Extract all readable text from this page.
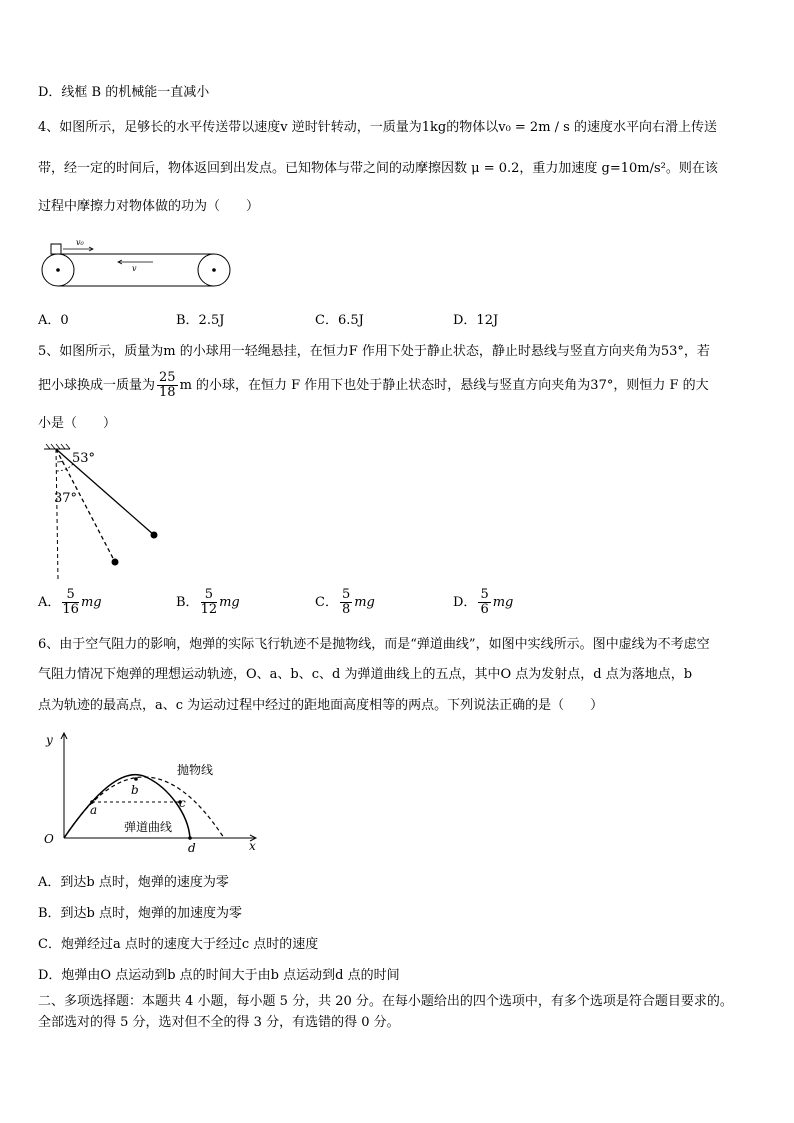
D．线框 B 的机械能一直减小
4、如图所示，足够长的水平传送带以速度v 逆时针转动，一质量为1kg的物体以v₀ = 2m / s 的速度水平向右滑上传送
带，经一定的时间后，物体返回到出发点。已知物体与带之间的动摩擦因数 μ = 0.2，重力加速度 g=10m/s²。则在该
过程中摩擦力对物体做的功为（　　）
v₀
v
A．0	B．2.5J	C．6.5J	D．12J
5、如图所示，质量为m 的小球用一轻绳悬挂，在恒力F 作用下处于静止状态，静止时悬线与竖直方向夹角为53°，若
把小球换成一质量为 $\frac{25}{18}$ m 的小球，在恒力 F 作用下也处于静止状态时，悬线与竖直方向夹角为37°，则恒力 F 的大
小是（　　）
53°
37°
A． $\frac{5}{16}$ mg	B． $\frac{5}{12}$ mg	C． $\frac{5}{8}$ mg	D． $\frac{5}{6}$ mg
6、由于空气阻力的影响，炮弹的实际飞行轨迹不是抛物线，而是“弹道曲线”，如图中实线所示。图中虚线为不考虑空
气阻力情况下炮弹的理想运动轨迹，O、a、b、c、d 为弹道曲线上的五点，其中O 点为发射点，d 点为落地点，b
点为轨迹的最高点，a、c 为运动过程中经过的距地面高度相等的两点。下列说法正确的是（　　）
y
x
O
a
b
c
d
抛物线
弹道曲线
A．到达b 点时，炮弹的速度为零
B．到达b 点时，炮弹的加速度为零
C．炮弹经过a 点时的速度大于经过c 点时的速度
D．炮弹由O 点运动到b 点的时间大于由b 点运动到d 点的时间
二、多项选择题：本题共 4 小题，每小题 5 分，共 20 分。在每小题给出的四个选项中，有多个选项是符合题目要求的。
全部选对的得 5 分，选对但不全的得 3 分，有选错的得 0 分。
